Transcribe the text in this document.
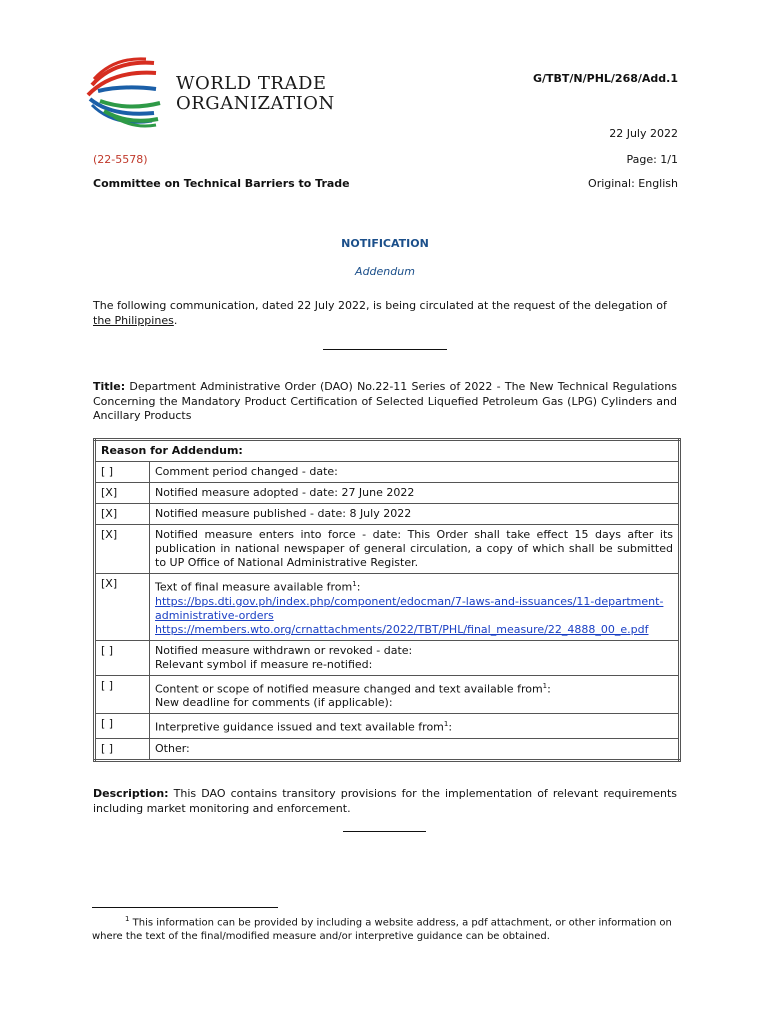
WORLD TRADE
ORGANIZATION
G/TBT/N/PHL/268/Add.1
22 July 2022
(22-5578)	Page: 1/1
Committee on Technical Barriers to Trade	Original: English
NOTIFICATION
Addendum
The following communication, dated 22 July 2022, is being circulated at the request of the delegation of the Philippines.
Title: Department Administrative Order (DAO) No.22-11 Series of 2022 - The New Technical Regulations Concerning the Mandatory Product Certification of Selected Liquefied Petroleum Gas (LPG) Cylinders and Ancillary Products
Reason for Addendum:	
[ ]	Comment period changed - date:
[X]	Notified measure adopted - date: 27 June 2022
[X]	Notified measure published - date: 8 July 2022
[X]	Notified measure enters into force - date: This Order shall take effect 15 days after its publication in national newspaper of general circulation, a copy of which shall be submitted to UP Office of National Administrative Register.
[X]	Text of final measure available from$^1$:
https://bps.dti.gov.ph/index.php/component/edocman/7-laws-and-issuances/11-department-administrative-orders
https://members.wto.org/crnattachments/2022/TBT/PHL/final_measure/22_4888_00_e.pdf
[ ]	Notified measure withdrawn or revoked - date:
Relevant symbol if measure re-notified:

[ ]	Content or scope of notified measure changed and text available from$^1$:
New deadline for comments (if applicable):

[ ]	Interpretive guidance issued and text available from$^1$:
[ ]	Other:
Description: This DAO contains transitory provisions for the implementation of relevant requirements including market monitoring and enforcement.
$^1$ This information can be provided by including a website address, a pdf attachment, or other information on where the text of the final/modified measure and/or interpretive guidance can be obtained.
